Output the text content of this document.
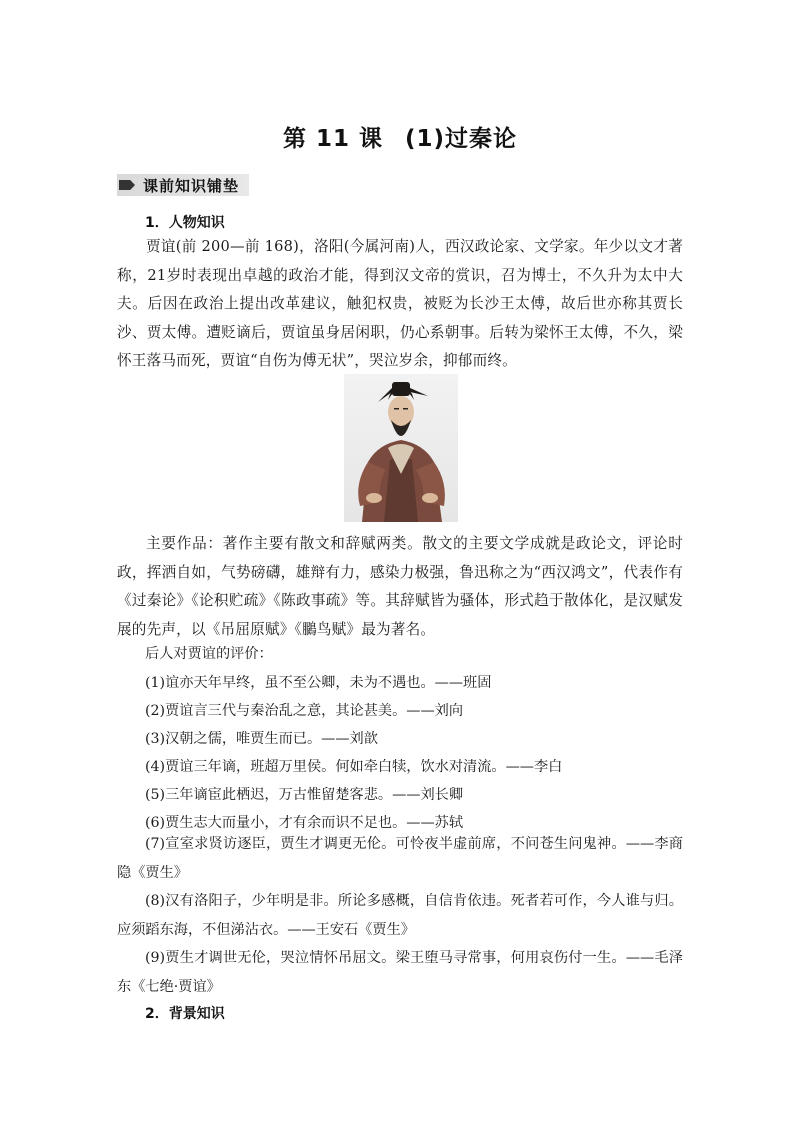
第 11 课 (1)过秦论
课前知识铺垫
1．人物知识

贾谊(前 200—前 168)，洛阳(今属河南)人，西汉政论家、文学家。年少以文才著称，21岁时表现出卓越的政治才能，得到汉文帝的赏识，召为博士，不久升为太中大夫。后因在政治上提出改革建议，触犯权贵，被贬为长沙王太傅，故后世亦称其贾长沙、贾太傅。遭贬谪后，贾谊虽身居闲职，仍心系朝事。后转为梁怀王太傅，不久，梁怀王落马而死，贾谊“自伤为傅无状”，哭泣岁余，抑郁而终。

主要作品：著作主要有散文和辞赋两类。散文的主要文学成就是政论文，评论时政，挥洒自如，气势磅礴，雄辩有力，感染力极强，鲁迅称之为“西汉鸿文”，代表作有《过秦论》《论积贮疏》《陈政事疏》等。其辞赋皆为骚体，形式趋于散体化，是汉赋发展的先声，以《吊屈原赋》《鵩鸟赋》最为著名。

后人对贾谊的评价：
(1)谊亦天年早终，虽不至公卿，未为不遇也。——班固
(2)贾谊言三代与秦治乱之意，其论甚美。——刘向
(3)汉朝之儒，唯贾生而已。——刘歆
(4)贾谊三年谪，班超万里侯。何如牵白犊，饮水对清流。——李白
(5)三年谪宦此栖迟，万古惟留楚客悲。——刘长卿
(6)贾生志大而量小，才有余而识不足也。——苏轼

(7)宣室求贤访逐臣，贾生才调更无伦。可怜夜半虚前席，不问苍生问鬼神。——李商隐《贾生》

(8)汉有洛阳子，少年明是非。所论多感概，自信肯依违。死者若可作，今人谁与归。应须蹈东海，不但涕沾衣。——王安石《贾生》

(9)贾生才调世无伦，哭泣情怀吊屈文。梁王堕马寻常事，何用哀伤付一生。——毛泽东《七绝·贾谊》

2．背景知识
